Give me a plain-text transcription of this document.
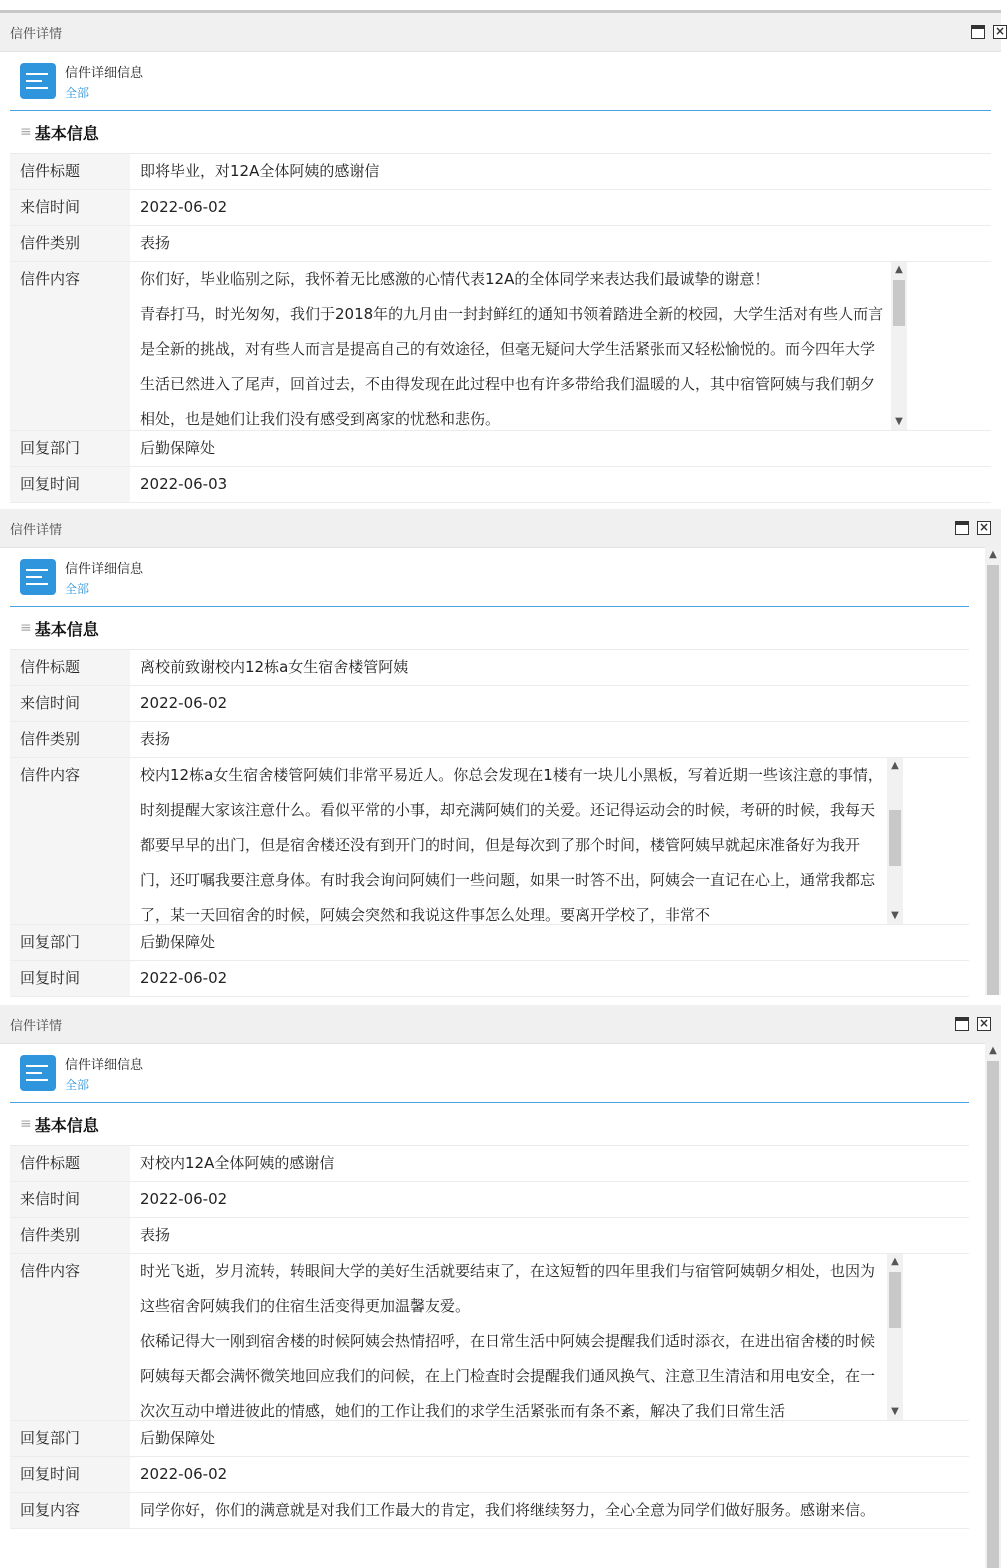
信件详情	×
信件详细信息
全部
≡ 基本信息
信件标题	即将毕业，对12A全体阿姨的感谢信
来信时间	2022-06-02
信件类别	表扬
信件内容	你们好，毕业临别之际，我怀着无比感激的心情代表12A的全体同学来表达我们最诚挚的谢意！

青春打马，时光匆匆，我们于2018年的九月由一封封鲜红的通知书领着踏进全新的校园，大学生活对有些人而言是全新的挑战，对有些人而言是提高自己的有效途径，但毫无疑问大学生活紧张而又轻松愉悦的。而今四年大学生活已然进入了尾声，回首过去，不由得发现在此过程中也有许多带给我们温暖的人，其中宿管阿姨与我们朝夕相处，也是她们让我们没有感受到离家的忧愁和悲伤。

▲
▼
回复部门	后勤保障处
回复时间	2022-06-03
信件详情	×
▲
信件详细信息
全部
≡ 基本信息
信件标题	离校前致谢校内12栋a女生宿舍楼管阿姨
来信时间	2022-06-02
信件类别	表扬
信件内容	校内12栋a女生宿舍楼管阿姨们非常平易近人。你总会发现在1楼有一块儿小黑板，写着近期一些该注意的事情，时刻提醒大家该注意什么。看似平常的小事，却充满阿姨们的关爱。还记得运动会的时候，考研的时候，我每天都要早早的出门，但是宿舍楼还没有到开门的时间，但是每次到了那个时间，楼管阿姨早就起床准备好为我开门，还叮嘱我要注意身体。有时我会询问阿姨们一些问题，如果一时答不出，阿姨会一直记在心上，通常我都忘了，某一天回宿舍的时候，阿姨会突然和我说这件事怎么处理。要离开学校了，非常不

▲
▼
回复部门	后勤保障处
回复时间	2022-06-02
信件详情	×
▲
信件详细信息
全部
≡ 基本信息
信件标题	对校内12A全体阿姨的感谢信
来信时间	2022-06-02
信件类别	表扬
信件内容	时光飞逝，岁月流转，转眼间大学的美好生活就要结束了，在这短暂的四年里我们与宿管阿姨朝夕相处，也因为这些宿舍阿姨我们的住宿生活变得更加温馨友爱。

依稀记得大一刚到宿舍楼的时候阿姨会热情招呼，在日常生活中阿姨会提醒我们适时添衣，在进出宿舍楼的时候阿姨每天都会满怀微笑地回应我们的问候，在上门检查时会提醒我们通风换气、注意卫生清洁和用电安全，在一次次互动中增进彼此的情感，她们的工作让我们的求学生活紧张而有条不紊，解决了我们日常生活

▲
▼
回复部门	后勤保障处
回复时间	2022-06-02
回复内容	同学你好，你们的满意就是对我们工作最大的肯定，我们将继续努力，全心全意为同学们做好服务。感谢来信。
